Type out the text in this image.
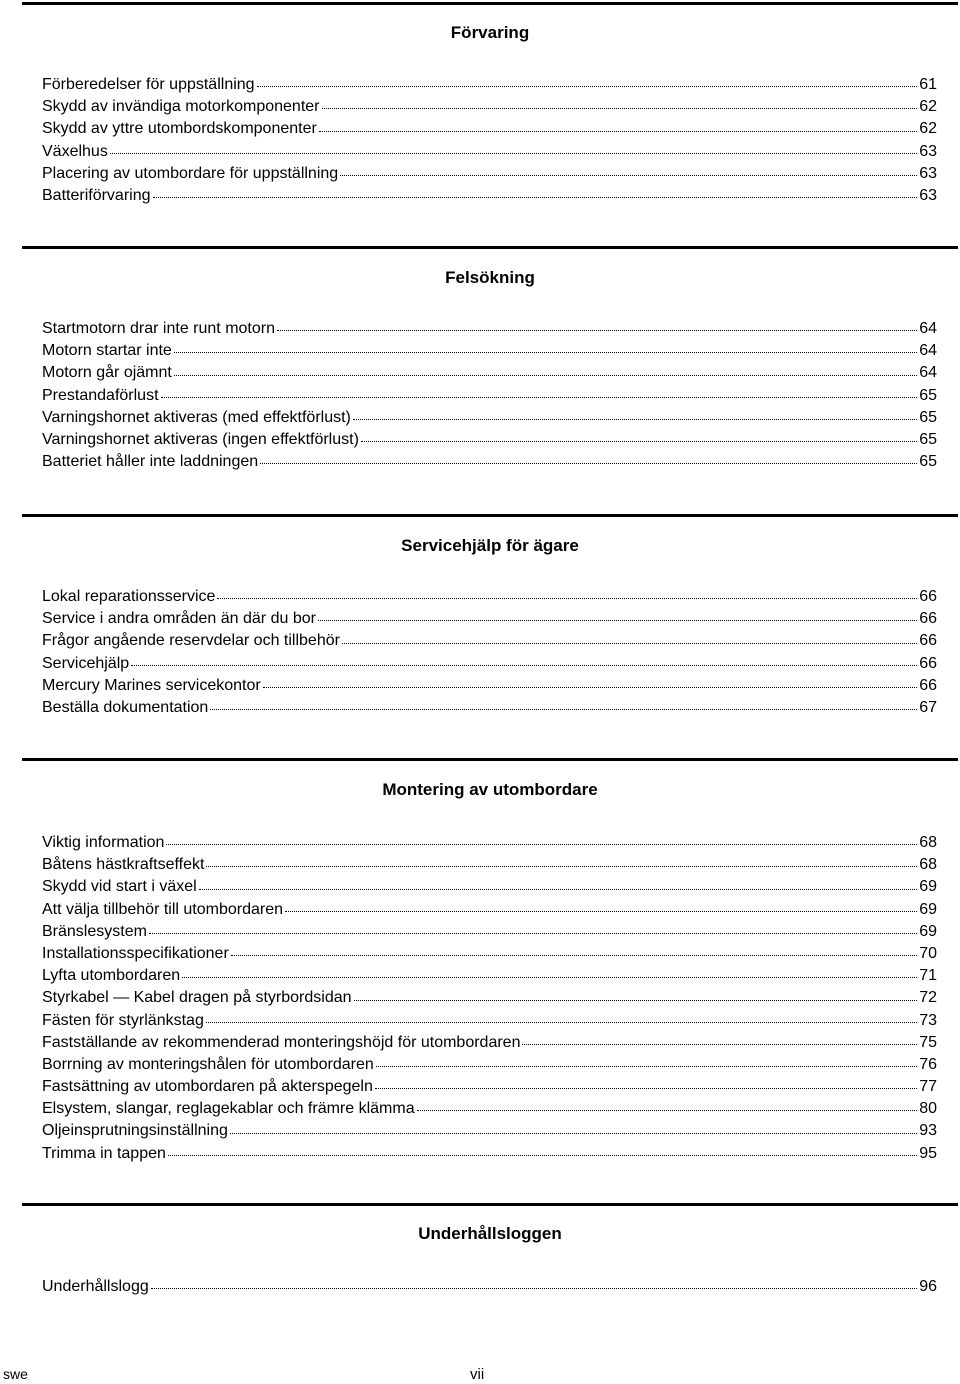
Förvaring
Förberedelser för uppställning	61
Skydd av invändiga motorkomponenter	62
Skydd av yttre utombordskomponenter	62
Växelhus	63
Placering av utombordare för uppställning	63
Batteriförvaring	63
Felsökning
Startmotorn drar inte runt motorn	64
Motorn startar inte	64
Motorn går ojämnt	64
Prestandaförlust	65
Varningshornet aktiveras (med effektförlust)	65
Varningshornet aktiveras (ingen effektförlust)	65
Batteriet håller inte laddningen	65
Servicehjälp för ägare
Lokal reparationsservice	66
Service i andra områden än där du bor	66
Frågor angående reservdelar och tillbehör	66
Servicehjälp	66
Mercury Marines servicekontor	66
Beställa dokumentation	67
Montering av utombordare
Viktig information	68
Båtens hästkraftseffekt	68
Skydd vid start i växel	69
Att välja tillbehör till utombordaren	69
Bränslesystem	69
Installationsspecifikationer	70
Lyfta utombordaren	71
Styrkabel — Kabel dragen på styrbordsidan	72
Fästen för styrlänkstag	73
Fastställande av rekommenderad monteringshöjd för utombordaren	75
Borrning av monteringshålen för utombordaren	76
Fastsättning av utombordaren på akterspegeln	77
Elsystem, slangar, reglagekablar och främre klämma	80
Oljeinsprutningsinställning	93
Trimma in tappen	95
Underhållsloggen
Underhållslogg	96
swe	vii
